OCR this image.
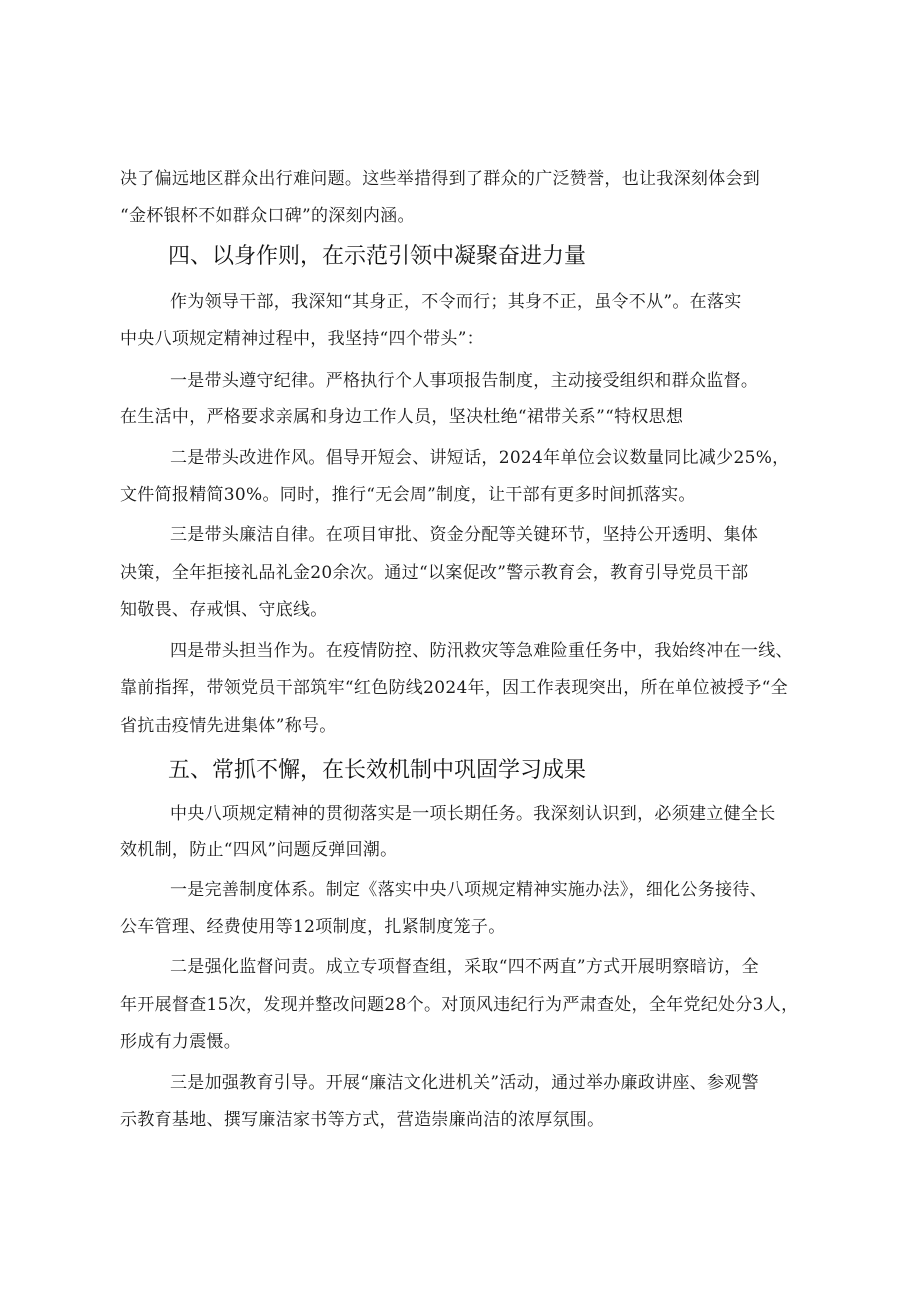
决了偏远地区群众出行难问题。这些举措得到了群众的广泛赞誉，也让我深刻体会到
“金杯银杯不如群众口碑”的深刻内涵。
四、以身作则，在示范引领中凝聚奋进力量
作为领导干部，我深知“其身正，不令而行；其身不正，虽令不从”。在落实
中央八项规定精神过程中，我坚持“四个带头”：
一是带头遵守纪律。严格执行个人事项报告制度，主动接受组织和群众监督。
在生活中，严格要求亲属和身边工作人员，坚决杜绝“裙带关系”“特权思想
二是带头改进作风。倡导开短会、讲短话，2024年单位会议数量同比减少25%，
文件简报精简30%。同时，推行“无会周”制度，让干部有更多时间抓落实。
三是带头廉洁自律。在项目审批、资金分配等关键环节，坚持公开透明、集体
决策，全年拒接礼品礼金20余次。通过“以案促改”警示教育会，教育引导党员干部
知敬畏、存戒惧、守底线。
四是带头担当作为。在疫情防控、防汛救灾等急难险重任务中，我始终冲在一线、
靠前指挥，带领党员干部筑牢“红色防线2024年，因工作表现突出，所在单位被授予“全
省抗击疫情先进集体”称号。
五、常抓不懈，在长效机制中巩固学习成果
中央八项规定精神的贯彻落实是一项长期任务。我深刻认识到，必须建立健全长
效机制，防止“四风”问题反弹回潮。
一是完善制度体系。制定《落实中央八项规定精神实施办法》，细化公务接待、
公车管理、经费使用等12项制度，扎紧制度笼子。
二是强化监督问责。成立专项督查组，采取“四不两直”方式开展明察暗访，全
年开展督查15次，发现并整改问题28个。对顶风违纪行为严肃查处，全年党纪处分3人，
形成有力震慑。
三是加强教育引导。开展“廉洁文化进机关”活动，通过举办廉政讲座、参观警
示教育基地、撰写廉洁家书等方式，营造崇廉尚洁的浓厚氛围。
